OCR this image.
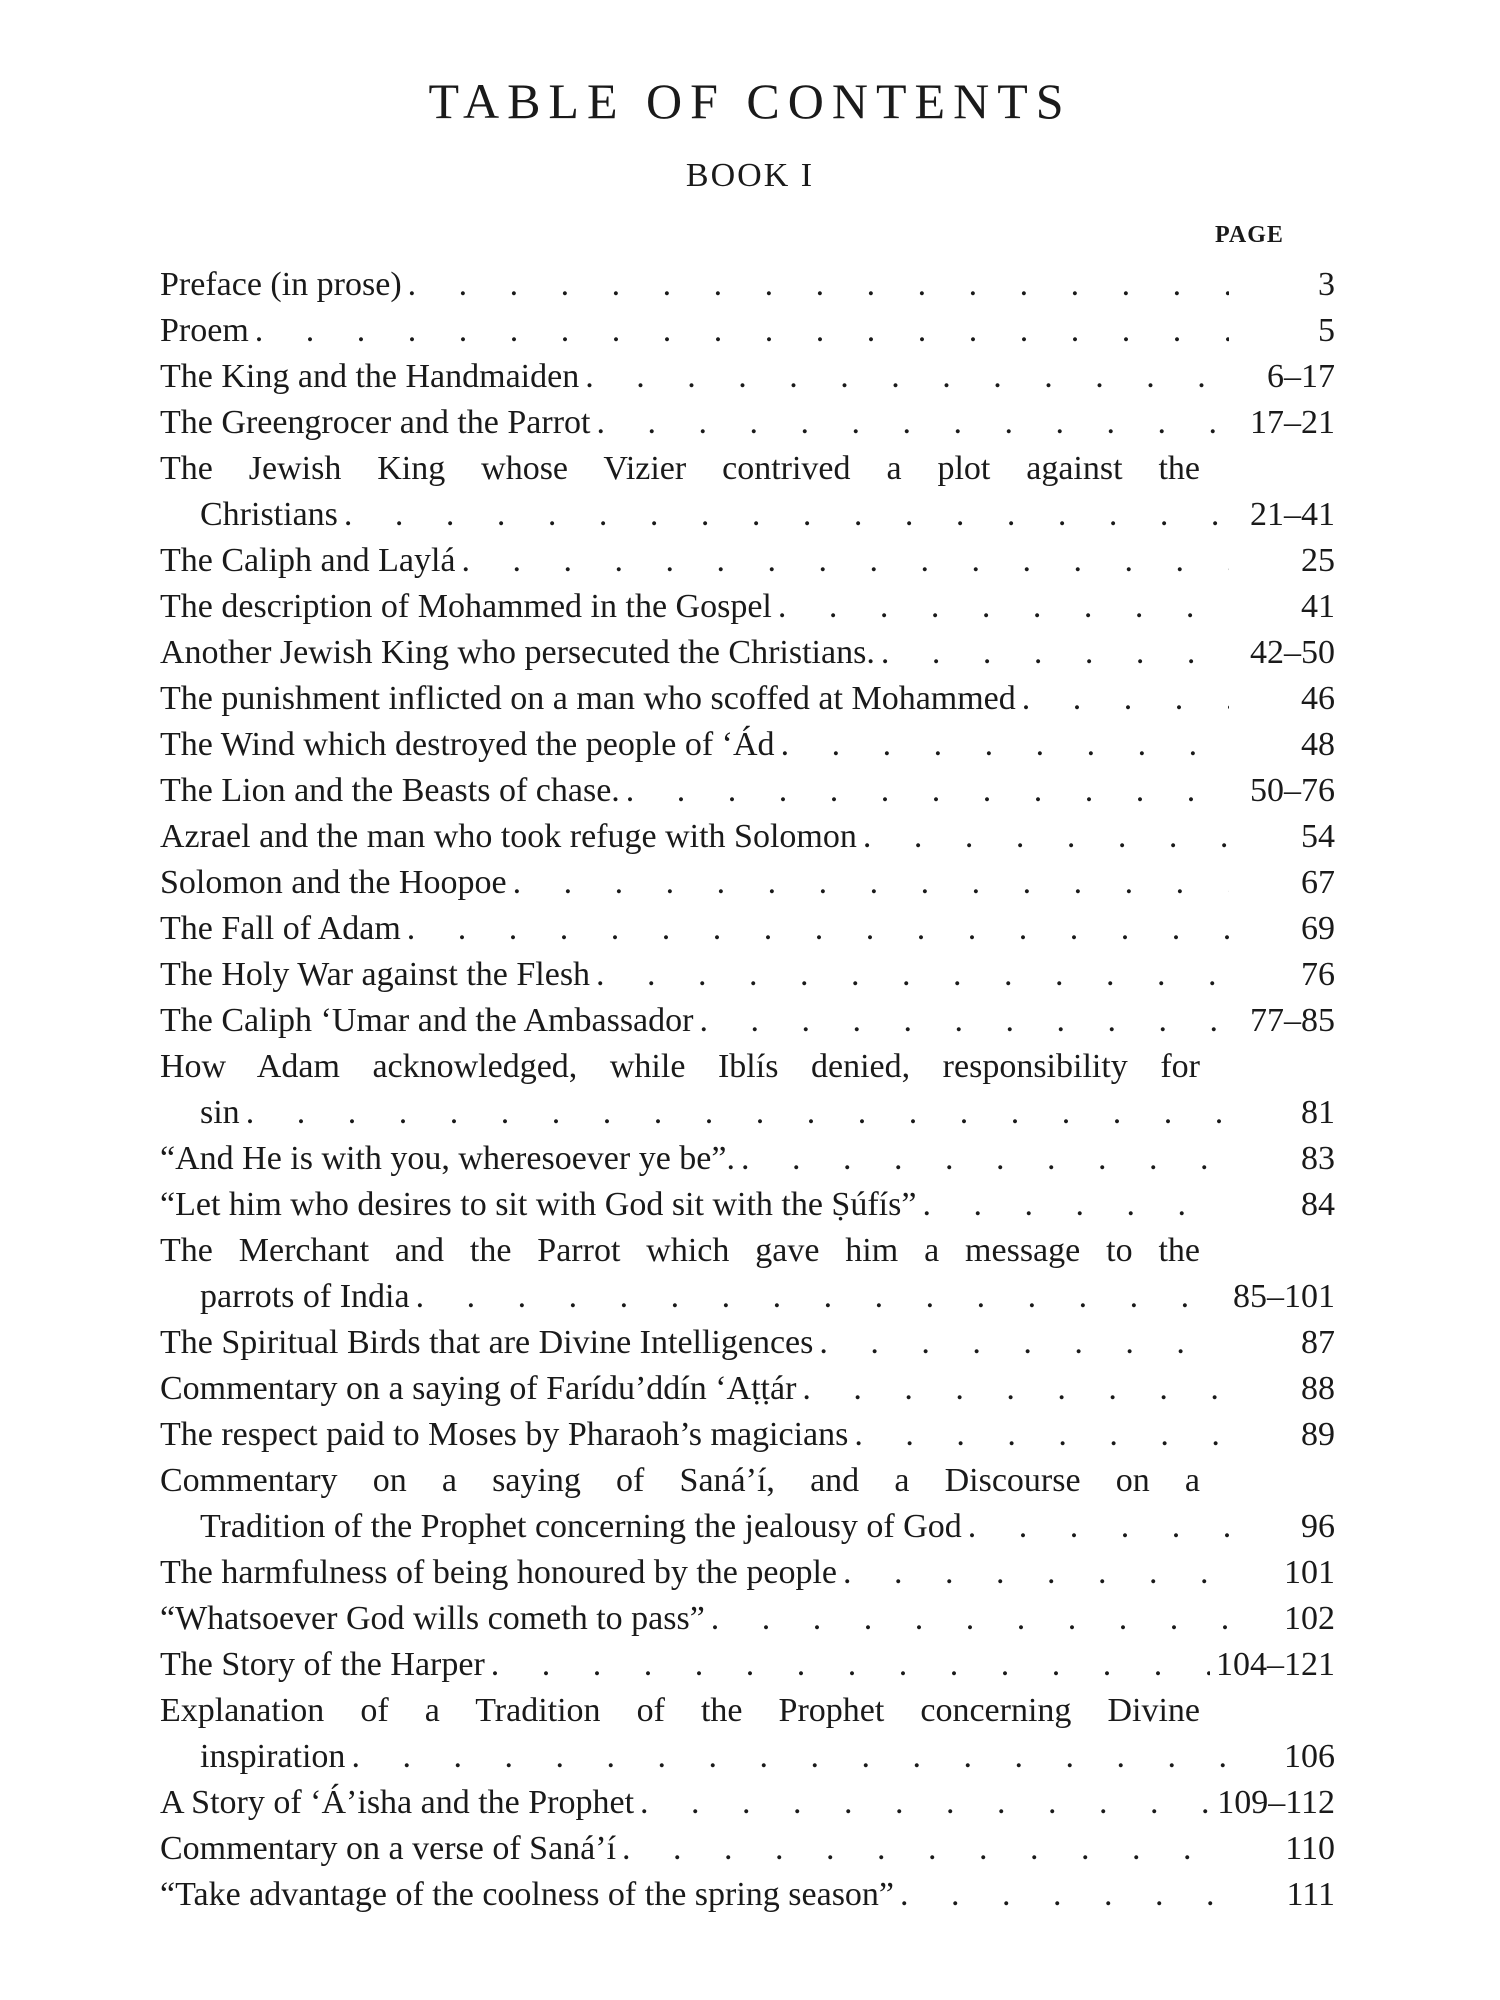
TABLE OF CONTENTS
BOOK I
PAGE
Preface (in prose) .	3
Proem .	5
The King and the Handmaiden .	6–17
The Greengrocer and the Parrot .	17–21
The Jewish King whose Vizier contrived a plot against the
Christians .	21–41
The Caliph and Laylá .	25
The description of Mohammed in the Gospel .	41
Another Jewish King who persecuted the Christians. .	42–50
The punishment inflicted on a man who scoffed at Mohammed .	46
The Wind which destroyed the people of ‘Ád .	48
The Lion and the Beasts of chase. .	50–76
Azrael and the man who took refuge with Solomon .	54
Solomon and the Hoopoe .	67
The Fall of Adam .	69
The Holy War against the Flesh .	76
The Caliph ‘Umar and the Ambassador .	77–85
How Adam acknowledged, while Iblís denied, responsibility for
sin .	81
“And He is with you, wheresoever ye be”. .	83
“Let him who desires to sit with God sit with the Ṣúfís” .	84
The Merchant and the Parrot which gave him a message to the
parrots of India .	85–101
The Spiritual Birds that are Divine Intelligences .	87
Commentary on a saying of Farídu’ddín ‘Aṭṭár .	88
The respect paid to Moses by Pharaoh’s magicians .	89
Commentary on a saying of Saná’í, and a Discourse on a
Tradition of the Prophet concerning the jealousy of God .	96
The harmfulness of being honoured by the people .	101
“Whatsoever God wills cometh to pass” .	102
The Story of the Harper .	104–121
Explanation of a Tradition of the Prophet concerning Divine
inspiration .	106
A Story of ‘Á’isha and the Prophet .	109–112
Commentary on a verse of Saná’í .	110
“Take advantage of the coolness of the spring season” .	111
